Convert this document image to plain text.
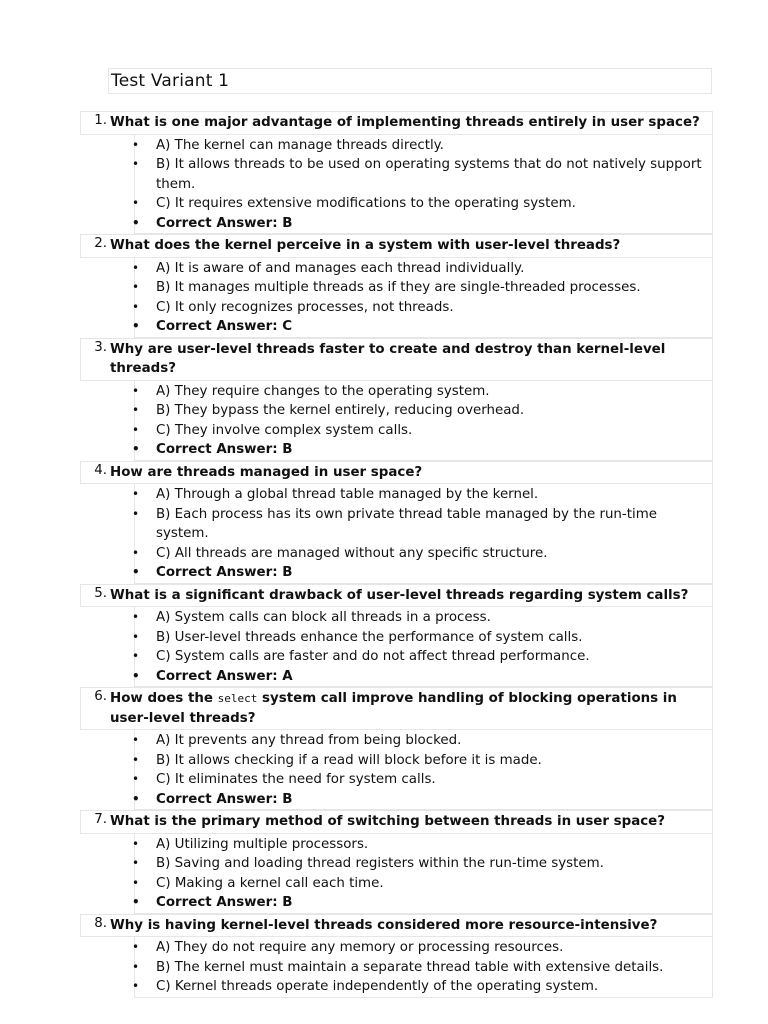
Test Variant 1
1. What is one major advantage of implementing threads entirely in user space?
• A) The kernel can manage threads directly.
• B) It allows threads to be used on operating systems that do not natively support them.
• C) It requires extensive modifications to the operating system.
• Correct Answer: B
2. What does the kernel perceive in a system with user-level threads?
• A) It is aware of and manages each thread individually.
• B) It manages multiple threads as if they are single-threaded processes.
• C) It only recognizes processes, not threads.
• Correct Answer: C
3. Why are user-level threads faster to create and destroy than kernel-level threads?
• A) They require changes to the operating system.
• B) They bypass the kernel entirely, reducing overhead.
• C) They involve complex system calls.
• Correct Answer: B
4. How are threads managed in user space?
• A) Through a global thread table managed by the kernel.
• B) Each process has its own private thread table managed by the run-time system.
• C) All threads are managed without any specific structure.
• Correct Answer: B
5. What is a significant drawback of user-level threads regarding system calls?
• A) System calls can block all threads in a process.
• B) User-level threads enhance the performance of system calls.
• C) System calls are faster and do not affect thread performance.
• Correct Answer: A
6. How does the select system call improve handling of blocking operations in user-level threads?
• A) It prevents any thread from being blocked.
• B) It allows checking if a read will block before it is made.
• C) It eliminates the need for system calls.
• Correct Answer: B
7. What is the primary method of switching between threads in user space?
• A) Utilizing multiple processors.
• B) Saving and loading thread registers within the run-time system.
• C) Making a kernel call each time.
• Correct Answer: B
8. Why is having kernel-level threads considered more resource-intensive?
• A) They do not require any memory or processing resources.
• B) The kernel must maintain a separate thread table with extensive details.
• C) Kernel threads operate independently of the operating system.
